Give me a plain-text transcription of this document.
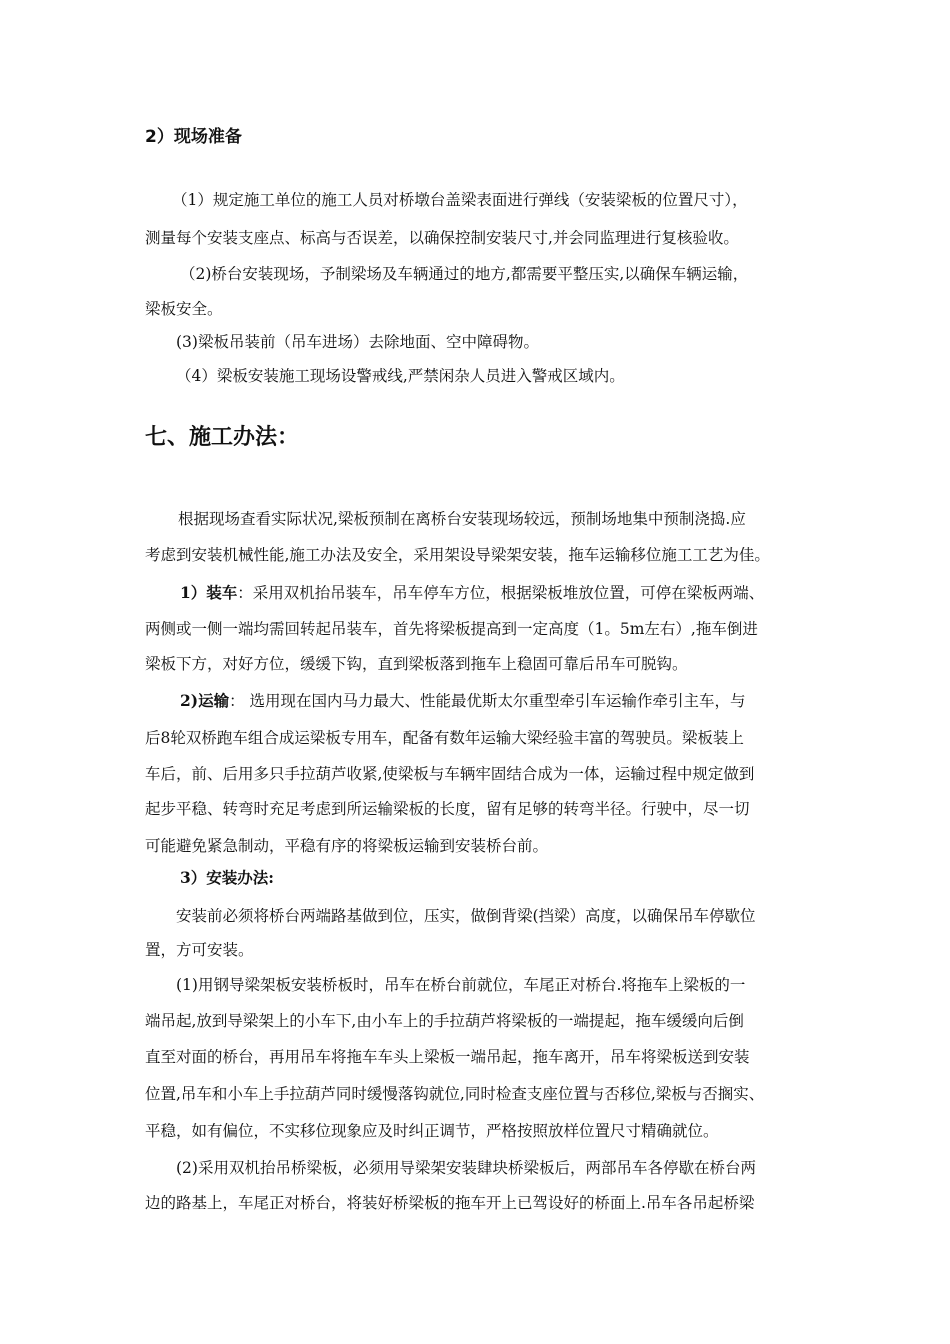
2）现场准备
（1）规定施工单位的施工人员对桥墩台盖梁表面进行弹线（安装梁板的位置尺寸），
测量每个安装支座点、标高与否误差，以确保控制安装尺寸,并会同监理进行复核验收。
（2)桥台安装现场，予制梁场及车辆通过的地方,都需要平整压实,以确保车辆运输，
梁板安全。
(3)梁板吊装前（吊车进场）去除地面、空中障碍物。
（4）梁板安装施工现场设警戒线,严禁闲杂人员进入警戒区域内。
七、施工办法：
根据现场查看实际状况,梁板预制在离桥台安装现场较远，预制场地集中预制浇捣.应
考虑到安装机械性能,施工办法及安全，采用架设导梁架安装，拖车运输移位施工工艺为佳。
1）装车：采用双机抬吊装车，吊车停车方位，根据梁板堆放位置，可停在梁板两端、
两侧或一侧一端均需回转起吊装车，首先将梁板提高到一定高度（1。5m左右）,拖车倒进
梁板下方，对好方位，缓缓下钩，直到梁板落到拖车上稳固可靠后吊车可脱钩。
2)运输： 选用现在国内马力最大、性能最优斯太尔重型牵引车运输作牵引主车，与
后8轮双桥跑车组合成运梁板专用车，配备有数年运输大梁经验丰富的驾驶员。梁板装上
车后，前、后用多只手拉葫芦收紧,使梁板与车辆牢固结合成为一体，运输过程中规定做到
起步平稳、转弯时充足考虑到所运输梁板的长度，留有足够的转弯半径。行驶中，尽一切
可能避免紧急制动，平稳有序的将梁板运输到安装桥台前。
3）安装办法:
安装前必须将桥台两端路基做到位，压实，做倒背梁(挡梁）高度，以确保吊车停歇位
置，方可安装。
(1)用钢导梁架板安装桥板时，吊车在桥台前就位，车尾正对桥台.将拖车上梁板的一
端吊起,放到导梁架上的小车下,由小车上的手拉葫芦将梁板的一端提起，拖车缓缓向后倒
直至对面的桥台，再用吊车将拖车车头上梁板一端吊起，拖车离开，吊车将梁板送到安装
位置,吊车和小车上手拉葫芦同时缓慢落钩就位,同时检查支座位置与否移位,梁板与否搁实、
平稳，如有偏位，不实移位现象应及时纠正调节，严格按照放样位置尺寸精确就位。
(2)采用双机抬吊桥梁板，必须用导梁架安装肆块桥梁板后，两部吊车各停歇在桥台两
边的路基上，车尾正对桥台，将装好桥梁板的拖车开上已驾设好的桥面上.吊车各吊起桥梁
